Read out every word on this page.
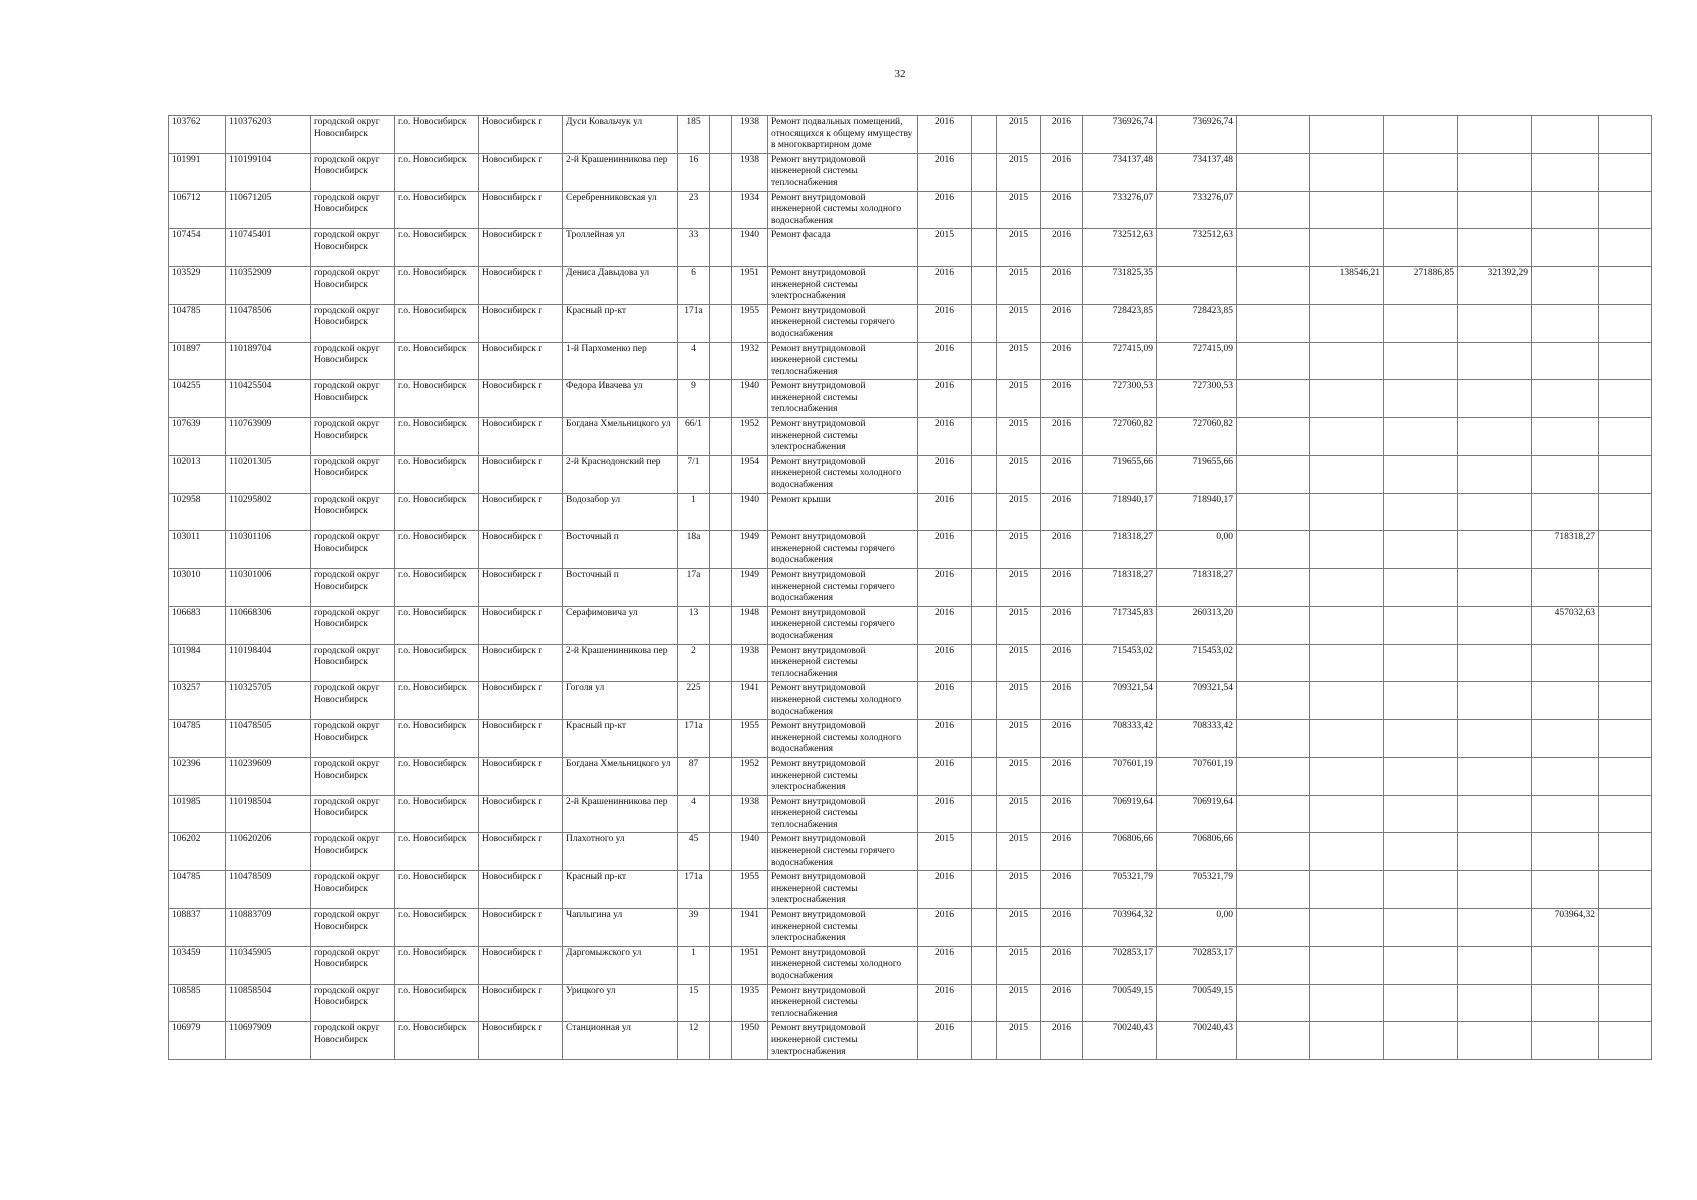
32
103762	110376203	городской округ Новосибирск	г.о. Новосибирск	Новосибирск г	Дуси Ковальчук ул	185		1938	Ремонт подвальных помещений, относящихся к общему имуществу в многоквартирном доме	2016		2015	2016	736926,74	736926,74						
101991	110199104	городской округ Новосибирск	г.о. Новосибирск	Новосибирск г	2-й Крашенинникова пер	16		1938	Ремонт внутридомовой инженерной системы теплоснабжения	2016		2015	2016	734137,48	734137,48						
106712	110671205	городской округ Новосибирск	г.о. Новосибирск	Новосибирск г	Серебренниковская ул	23		1934	Ремонт внутридомовой инженерной системы холодного водоснабжения	2016		2015	2016	733276,07	733276,07						
107454	110745401	городской округ Новосибирск	г.о. Новосибирск	Новосибирск г	Троллейная ул	33		1940	Ремонт фасада	2015		2015	2016	732512,63	732512,63						
103529	110352909	городской округ Новосибирск	г.о. Новосибирск	Новосибирск г	Дениса Давыдова ул	6		1951	Ремонт внутридомовой инженерной системы электроснабжения	2016		2015	2016	731825,35			138546,21	271886,85	321392,29		
104785	110478506	городской округ Новосибирск	г.о. Новосибирск	Новосибирск г	Красный пр-кт	171а		1955	Ремонт внутридомовой инженерной системы горячего водоснабжения	2016		2015	2016	728423,85	728423,85						
101897	110189704	городской округ Новосибирск	г.о. Новосибирск	Новосибирск г	1-й Пархоменко пер	4		1932	Ремонт внутридомовой инженерной системы теплоснабжения	2016		2015	2016	727415,09	727415,09						
104255	110425504	городской округ Новосибирск	г.о. Новосибирск	Новосибирск г	Федора Ивачева ул	9		1940	Ремонт внутридомовой инженерной системы теплоснабжения	2016		2015	2016	727300,53	727300,53						
107639	110763909	городской округ Новосибирск	г.о. Новосибирск	Новосибирск г	Богдана Хмельницкого ул	66/1		1952	Ремонт внутридомовой инженерной системы электроснабжения	2016		2015	2016	727060,82	727060,82						
102013	110201305	городской округ Новосибирск	г.о. Новосибирск	Новосибирск г	2-й Краснодонский пер	7/1		1954	Ремонт внутридомовой инженерной системы холодного водоснабжения	2016		2015	2016	719655,66	719655,66						
102958	110295802	городской округ Новосибирск	г.о. Новосибирск	Новосибирск г	Водозабор ул	1		1940	Ремонт крыши	2016		2015	2016	718940,17	718940,17						
103011	110301106	городской округ Новосибирск	г.о. Новосибирск	Новосибирск г	Восточный п	18а		1949	Ремонт внутридомовой инженерной системы горячего водоснабжения	2016		2015	2016	718318,27	0,00					718318,27	
103010	110301006	городской округ Новосибирск	г.о. Новосибирск	Новосибирск г	Восточный п	17а		1949	Ремонт внутридомовой инженерной системы горячего водоснабжения	2016		2015	2016	718318,27	718318,27						
106683	110668306	городской округ Новосибирск	г.о. Новосибирск	Новосибирск г	Серафимовича ул	13		1948	Ремонт внутридомовой инженерной системы горячего водоснабжения	2016		2015	2016	717345,83	260313,20					457032,63	
101984	110198404	городской округ Новосибирск	г.о. Новосибирск	Новосибирск г	2-й Крашенинникова пер	2		1938	Ремонт внутридомовой инженерной системы теплоснабжения	2016		2015	2016	715453,02	715453,02						
103257	110325705	городской округ Новосибирск	г.о. Новосибирск	Новосибирск г	Гоголя ул	225		1941	Ремонт внутридомовой инженерной системы холодного водоснабжения	2016		2015	2016	709321,54	709321,54						
104785	110478505	городской округ Новосибирск	г.о. Новосибирск	Новосибирск г	Красный пр-кт	171а		1955	Ремонт внутридомовой инженерной системы холодного водоснабжения	2016		2015	2016	708333,42	708333,42						
102396	110239609	городской округ Новосибирск	г.о. Новосибирск	Новосибирск г	Богдана Хмельницкого ул	87		1952	Ремонт внутридомовой инженерной системы электроснабжения	2016		2015	2016	707601,19	707601,19						
101985	110198504	городской округ Новосибирск	г.о. Новосибирск	Новосибирск г	2-й Крашенинникова пер	4		1938	Ремонт внутридомовой инженерной системы теплоснабжения	2016		2015	2016	706919,64	706919,64						
106202	110620206	городской округ Новосибирск	г.о. Новосибирск	Новосибирск г	Плахотного ул	45		1940	Ремонт внутридомовой инженерной системы горячего водоснабжения	2015		2015	2016	706806,66	706806,66						
104785	110478509	городской округ Новосибирск	г.о. Новосибирск	Новосибирск г	Красный пр-кт	171а		1955	Ремонт внутридомовой инженерной системы электроснабжения	2016		2015	2016	705321,79	705321,79						
108837	110883709	городской округ Новосибирск	г.о. Новосибирск	Новосибирск г	Чаплыгина ул	39		1941	Ремонт внутридомовой инженерной системы электроснабжения	2016		2015	2016	703964,32	0,00					703964,32	
103459	110345905	городской округ Новосибирск	г.о. Новосибирск	Новосибирск г	Даргомыжского ул	1		1951	Ремонт внутридомовой инженерной системы холодного водоснабжения	2016		2015	2016	702853,17	702853,17						
108585	110858504	городской округ Новосибирск	г.о. Новосибирск	Новосибирск г	Урицкого ул	15		1935	Ремонт внутридомовой инженерной системы теплоснабжения	2016		2015	2016	700549,15	700549,15						
106979	110697909	городской округ Новосибирск	г.о. Новосибирск	Новосибирск г	Станционная ул	12		1950	Ремонт внутридомовой инженерной системы электроснабжения	2016		2015	2016	700240,43	700240,43						
